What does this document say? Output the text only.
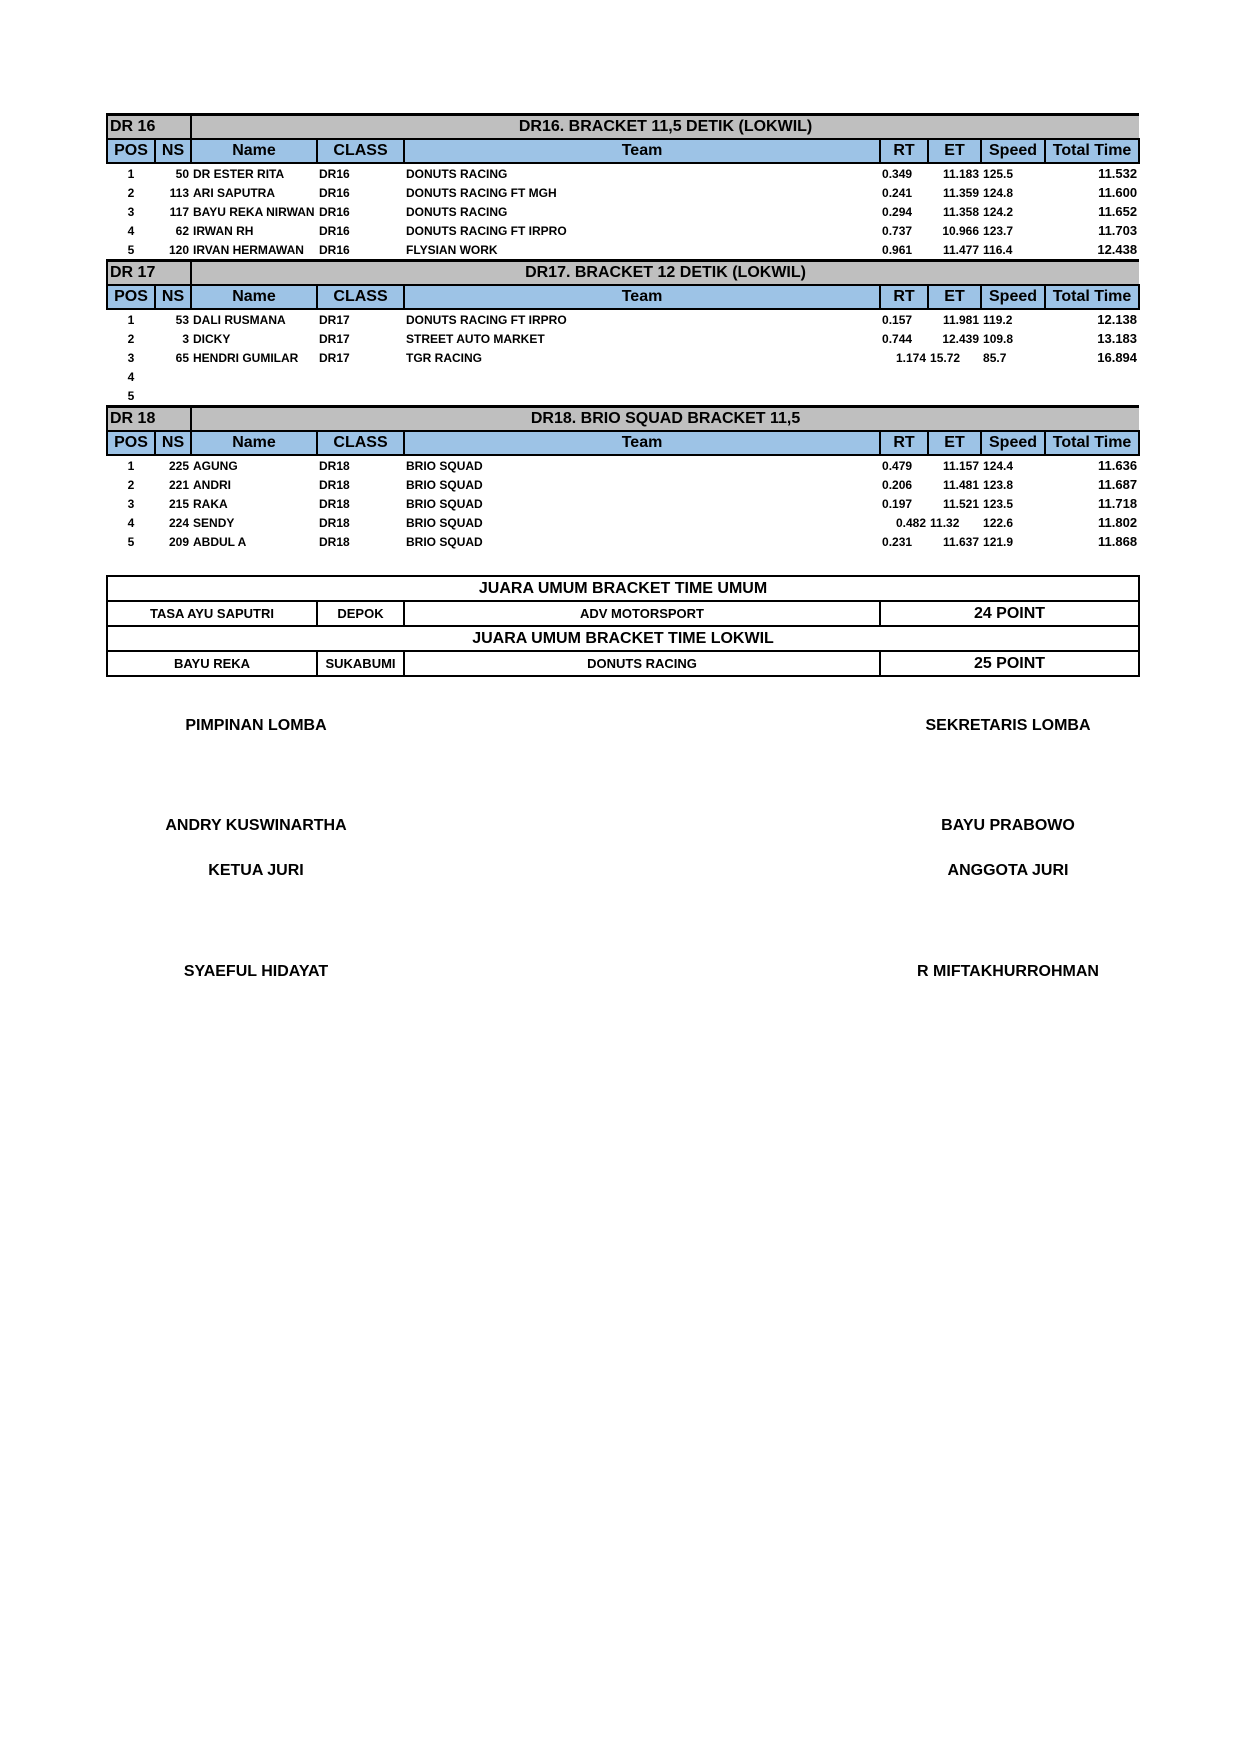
DR 16		DR16. BRACKET 11,5 DETIK (LOKWIL)						
POS	NS	Name	CLASS	Team	RT	ET	Speed	Total Time
1	50	DR ESTER RITA	DR16	DONUTS RACING	0.349	11.183	125.5	11.532
2	113	ARI SAPUTRA	DR16	DONUTS RACING FT MGH	0.241	11.359	124.8	11.600
3	117	BAYU REKA NIRWAN	DR16	DONUTS RACING	0.294	11.358	124.2	11.652
4	62	IRWAN RH	DR16	DONUTS RACING FT IRPRO	0.737	10.966	123.7	11.703
5	120	IRVAN HERMAWAN	DR16	FLYSIAN WORK	0.961	11.477	116.4	12.438
DR 17		DR17. BRACKET 12 DETIK (LOKWIL)						
POS	NS	Name	CLASS	Team	RT	ET	Speed	Total Time
1	53	DALI RUSMANA	DR17	DONUTS RACING FT IRPRO	0.157	11.981	119.2	12.138
2	3	DICKY	DR17	STREET AUTO MARKET	0.744	12.439	109.8	13.183
3	65	HENDRI GUMILAR	DR17	TGR RACING	1.174	15.72	85.7	16.894
4								
5								
DR 18		DR18. BRIO SQUAD BRACKET 11,5						
POS	NS	Name	CLASS	Team	RT	ET	Speed	Total Time
1	225	AGUNG	DR18	BRIO SQUAD	0.479	11.157	124.4	11.636
2	221	ANDRI	DR18	BRIO SQUAD	0.206	11.481	123.8	11.687
3	215	RAKA	DR18	BRIO SQUAD	0.197	11.521	123.5	11.718
4	224	SENDY	DR18	BRIO SQUAD	0.482	11.32	122.6	11.802
5	209	ABDUL A	DR18	BRIO SQUAD	0.231	11.637	121.9	11.868
JUARA UMUM BRACKET TIME UMUM			
TASA AYU SAPUTRI	DEPOK	ADV MOTORSPORT	24 POINT
JUARA UMUM BRACKET TIME LOKWIL			
BAYU REKA	SUKABUMI	DONUTS RACING	25 POINT
PIMPINAN LOMBA	SEKRETARIS LOMBA
ANDRY KUSWINARTHA	BAYU PRABOWO
KETUA JURI	ANGGOTA JURI
SYAEFUL HIDAYAT	R MIFTAKHURROHMAN
